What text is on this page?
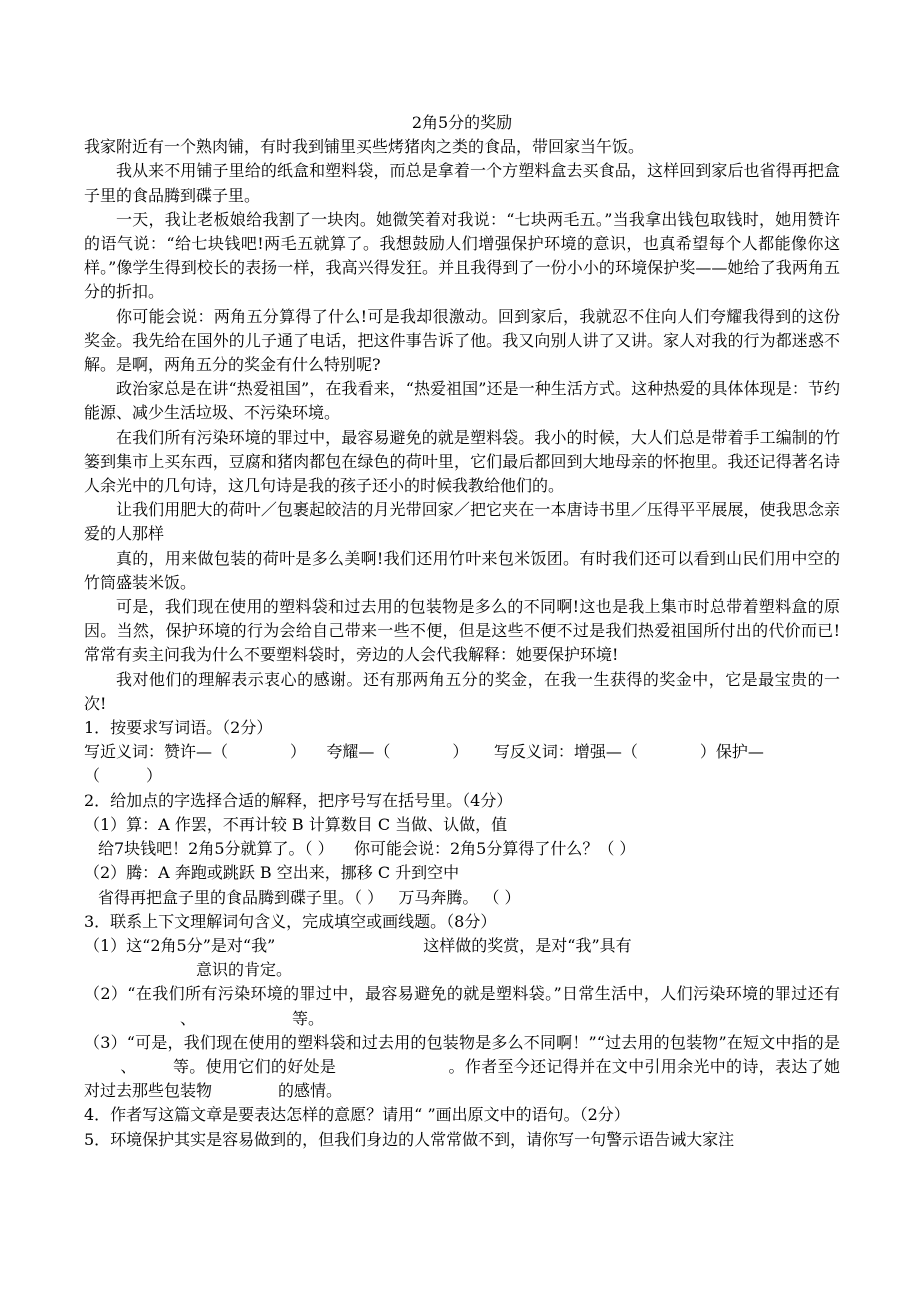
2角5分的奖励

我家附近有一个熟肉铺，有时我到铺里买些烤猪肉之类的食品，带回家当午饭。

我从来不用铺子里给的纸盒和塑料袋，而总是拿着一个方塑料盒去买食品，这样回到家后也省得再把盒子里的食品腾到碟子里。

一天，我让老板娘给我割了一块肉。她微笑着对我说：“七块两毛五。”当我拿出钱包取钱时，她用赞许的语气说：“给七块钱吧!两毛五就算了。我想鼓励人们增强保护环境的意识，也真希望每个人都能像你这样。”像学生得到校长的表扬一样，我高兴得发狂。并且我得到了一份小小的环境保护奖——她给了我两角五分的折扣。

你可能会说：两角五分算得了什么!可是我却很激动。回到家后，我就忍不住向人们夸耀我得到的这份奖金。我先给在国外的儿子通了电话，把这件事告诉了他。我又向别人讲了又讲。家人对我的行为都迷惑不解。是啊，两角五分的奖金有什么特别呢?

政治家总是在讲“热爱祖国”，在我看来，“热爱祖国”还是一种生活方式。这种热爱的具体体现是：节约能源、减少生活垃圾、不污染环境。

在我们所有污染环境的罪过中，最容易避免的就是塑料袋。我小的时候，大人们总是带着手工编制的竹篓到集市上买东西，豆腐和猪肉都包在绿色的荷叶里，它们最后都回到大地母亲的怀抱里。我还记得著名诗人余光中的几句诗，这几句诗是我的孩子还小的时候我教给他们的。

让我们用肥大的荷叶／包裹起皎洁的月光带回家／把它夹在一本唐诗书里／压得平平展展，使我思念亲爱的人那样

真的，用来做包装的荷叶是多么美啊!我们还用竹叶来包米饭团。有时我们还可以看到山民们用中空的竹筒盛装米饭。

可是，我们现在使用的塑料袋和过去用的包装物是多么的不同啊!这也是我上集市时总带着塑料盒的原因。当然，保护环境的行为会给自己带来一些不便，但是这些不便不过是我们热爱祖国所付出的代价而已!常常有卖主问我为什么不要塑料袋时，旁边的人会代我解释：她要保护环境!

我对他们的理解表示衷心的感谢。还有那两角五分的奖金，在我一生获得的奖金中，它是最宝贵的一次!

1．按要求写词语。（2分）

写近义词：赞许—（	） 夸耀—（	） 写反义词：增强—（	）保护—
（	）

2．给加点的字选择合适的解释，把序号写在括号里。（4分）

（1）算：A 作罢，不再计较 B 计算数目 C 当做、认做，值

给7块钱吧！2角5分就算了。（ ） 你可能会说：2角5分算得了什么？（ ）

（2）腾：A 奔跑或跳跃 B 空出来，挪移 C 升到空中

省得再把盒子里的食品腾到碟子里。（ ） 万马奔腾。 （ ）

3．联系上下文理解词句含义，完成填空或画线题。（8分）

（1）这“2角5分”是对“我”	这样做的奖赏，是对“我”具有
意识的肯定。

（2）“在我们所有污染环境的罪过中，最容易避免的就是塑料袋。”日常生活中，人们污染环境的罪过还有、	等。

（3）“可是，我们现在使用的塑料袋和过去用的包装物是多么不同啊！”“过去用的包装物”在短文中指的是、 等。使用它们的好处是	。作者至今还记得并在文中引用余光中的诗，表达了她对过去那些包装物	的感情。

4．作者写这篇文章是要表达怎样的意愿？请用“ ”画出原文中的语句。（2分）

5．环境保护其实是容易做到的，但我们身边的人常常做不到，请你写一句警示语告诫大家注
